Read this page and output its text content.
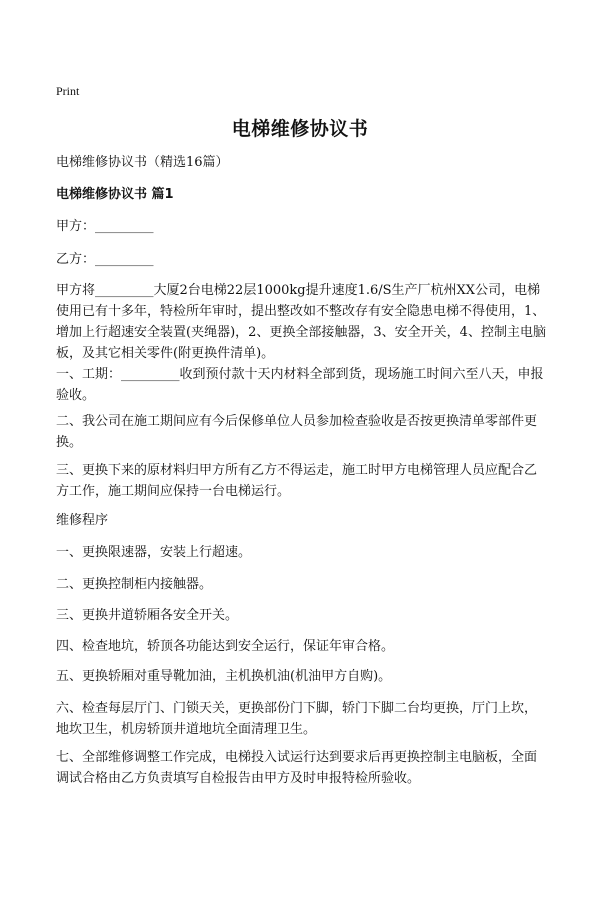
Print
电梯维修协议书
电梯维修协议书（精选16篇）
电梯维修协议书 篇1
甲方：_________
乙方：_________
甲方将_________大厦2台电梯22层1000kg提升速度1.6/S生产厂杭州XX公司，电梯使用已有十多年，特检所年审时，提出整改如不整改存有安全隐患电梯不得使用，1、增加上行超速安全装置(夹绳器)，2、更换全部接触器，3、安全开关，4、控制主电脑板，及其它相关零件(附更换件清单)。
一、工期：_________收到预付款十天内材料全部到货，现场施工时间六至八天，申报验收。
二、我公司在施工期间应有今后保修单位人员参加检查验收是否按更换清单零部件更换。
三、更换下来的原材料归甲方所有乙方不得运走，施工时甲方电梯管理人员应配合乙方工作，施工期间应保持一台电梯运行。
维修程序
一、更换限速器，安装上行超速。
二、更换控制柜内接触器。
三、更换井道轿厢各安全开关。
四、检查地坑，轿顶各功能达到安全运行，保证年审合格。
五、更换轿厢对重导靴加油，主机换机油(机油甲方自购)。
六、检查每层厅门、门锁天关，更换部份门下脚，轿门下脚二台均更换，厅门上坎，地坎卫生，机房轿顶井道地坑全面清理卫生。
七、全部维修调整工作完成，电梯投入试运行达到要求后再更换控制主电脑板，全面调试合格由乙方负责填写自检报告由甲方及时申报特检所验收。
